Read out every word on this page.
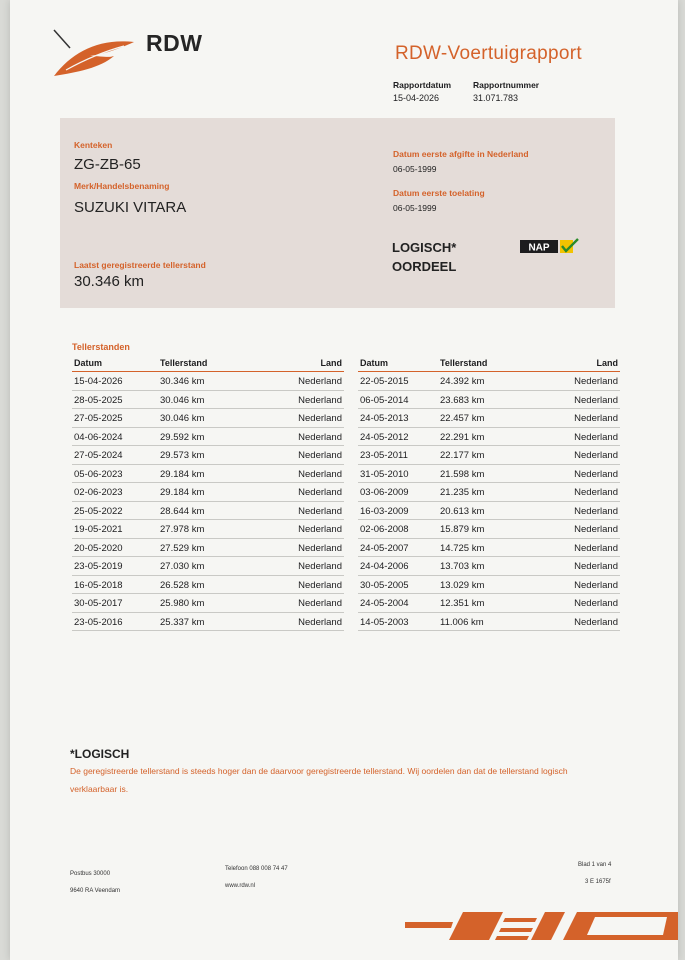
RDW	RDW-Voertuigrapport
Rapportdatum
15-04-2026
Rapportnummer
31.071.783
Kenteken
ZG-ZB-65
Merk/Handelsbenaming
SUZUKI VITARA
Laatst geregistreerde tellerstand
30.346 km
Datum eerste afgifte in Nederland
06-05-1999
Datum eerste toelating
06-05-1999
LOGISCH*
OORDEEL
NAP
Tellerstanden
Datum	Tellerstand	Land
15-04-2026	30.346 km	Nederland
28-05-2025	30.046 km	Nederland
27-05-2025	30.046 km	Nederland
04-06-2024	29.592 km	Nederland
27-05-2024	29.573 km	Nederland
05-06-2023	29.184 km	Nederland
02-06-2023	29.184 km	Nederland
25-05-2022	28.644 km	Nederland
19-05-2021	27.978 km	Nederland
20-05-2020	27.529 km	Nederland
23-05-2019	27.030 km	Nederland
16-05-2018	26.528 km	Nederland
30-05-2017	25.980 km	Nederland
23-05-2016	25.337 km	Nederland
Datum	Tellerstand	Land
22-05-2015	24.392 km	Nederland
06-05-2014	23.683 km	Nederland
24-05-2013	22.457 km	Nederland
24-05-2012	22.291 km	Nederland
23-05-2011	22.177 km	Nederland
31-05-2010	21.598 km	Nederland
03-06-2009	21.235 km	Nederland
16-03-2009	20.613 km	Nederland
02-06-2008	15.879 km	Nederland
24-05-2007	14.725 km	Nederland
24-04-2006	13.703 km	Nederland
30-05-2005	13.029 km	Nederland
24-05-2004	12.351 km	Nederland
14-05-2003	11.006 km	Nederland
*LOGISCH
De geregistreerde tellerstand is steeds hoger dan de daarvoor geregistreerde tellerstand. Wij oordelen dan dat de tellerstand logisch verklaarbaar is.
Postbus 30000
9640 RA Veendam
Telefoon 088 008 74 47
www.rdw.nl
Blad 1 van 4
3 E 1675f
